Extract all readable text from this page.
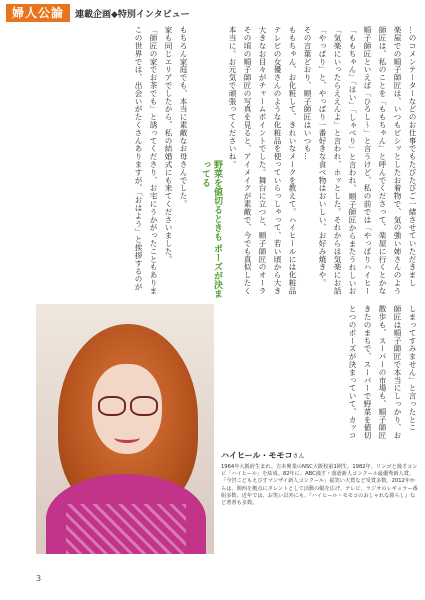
婦人公論	連載企画◆特別インタビュー
…のコメンテーターなどのお仕事でもたびたびご一緒させていただきまし
楽屋での順子師匠は、いつもビシッとしたお着物で、気の強い姉さんのよう
師匠は、私のことを「ももちゃん」と呼んでくださって、楽屋に行くとかな
順子師匠といえば「ひろし〜」と言うけど、私の前では「やっぱりハイヒー
「ももちゃん」「はい」「しゃべり」と言われ、順子師匠からまたうれしいお
「気楽にいったらええんよ」と言われ、ホッとした。それからは気楽にお話
「やっぱり」と、やっぱり一番好きな食べ物はおいしい、お好み焼きや。
その言葉どおり、順子師匠はいつも…
ももちゃん、お化粧して、きれいなメークを教えて。ハイヒールには化粧品
テレビの女優さんのような化粧品を使っていらっしゃって、若い頃から大き
大きなお目々がチャームポイントでした。舞台に立つと、順子師匠のオーラ
その頃の順子師匠の写真を見ると、アイメイクが素敵で、今でも真似したく
本当に。お元気で頑張ってくださいね。
もちろん家庭でも、本当に素敵なお母さんでした。
家も同じエリアでしたから、私の結婚式にも来てくださいました。
「師匠の家でお茶でも」と誘ってくださり、お宅にうかがったこともありま
この世界では、出会いがたくさんありますが、「おはよう」と挨拶するのが	野菜を値切るときも ポーズが決まってる
しまってすみません」と言ったとこ
師匠は順子師匠で本当にしっかり、お
散歩も、スーパーの市場も、順子師匠
きたのまちで、スーパーで野菜を値切
とつのポーズが決まっていて、カッコ
ハイヒール・モモコさん
1964年大阪府生まれ。吉本興業のNSC大阪校第1期生。1982年、リンゴと漫才コンビ「ハイヒール」を結成。82年に、ABC漫才・落語新人コンクール最優秀新人賞、「今宮こどもえびすマンザイ新人コンクール」福笑い大賞など受賞多数。2012年からは、関西を拠点にタレントとして活動の幅を広げ、テレビ、ラジオのレギュラー番組多数。近年では、お笑い以外にも、『ハイヒール・モモコのおしゃれな暮らし』など著書も多数。
3
